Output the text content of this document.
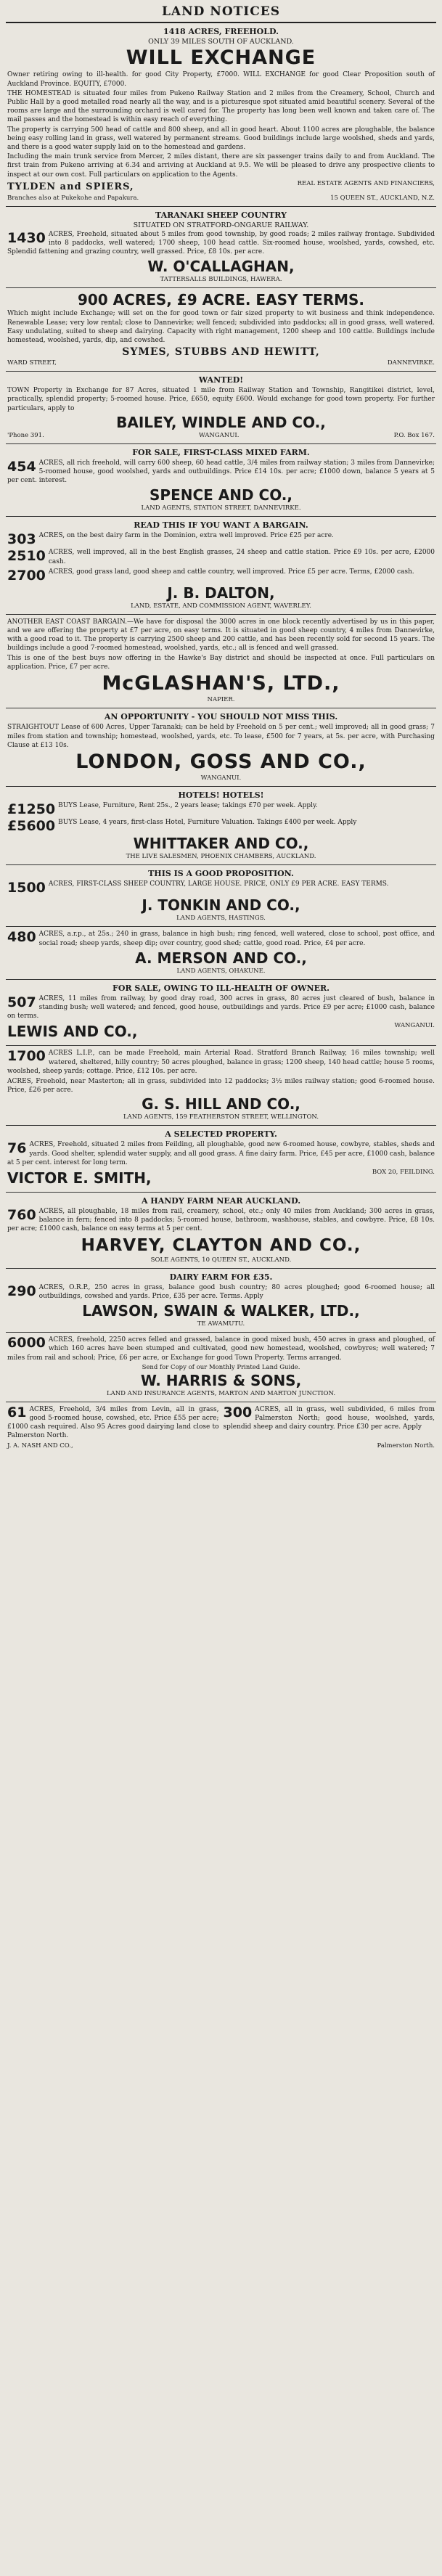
LAND NOTICES
1418 ACRES, FREEHOLD.
ONLY 39 MILES SOUTH OF AUCKLAND.
WILL EXCHANGE

Owner retiring owing to ill-health. for good City Property, £7000. WILL EXCHANGE for good Clear Proposition south of Auckland Province. EQUITY, £7000.

THE HOMESTEAD is situated four miles from Pukeno Railway Station and 2 miles from the Creamery, School, Church and Public Hall by a good metalled road nearly all the way, and is a picturesque spot situated amid beautiful scenery. Several of the rooms are large and the surrounding orchard is well cared for. The property has long been well known and taken care of. The mail passes and the homestead is within easy reach of everything.

The property is carrying 500 head of cattle and 800 sheep, and all in good heart. About 1100 acres are ploughable, the balance being easy rolling land in grass, well watered by permanent streams. Good buildings include large woolshed, sheds and yards, and there is a good water supply laid on to the homestead and gardens.

Including the main trunk service from Mercer, 2 miles distant, there are six passenger trains daily to and from Auckland. The first train from Pukeno arriving at 6.34 and arriving at Auckland at 9.5. We will be pleased to drive any prospective clients to inspect at our own cost. Full particulars on application to the Agents.

TYLDEN and SPIERS,	REAL ESTATE AGENTS AND FINANCIERS,
Branches also at Pukekohe and Papakura.	15 QUEEN ST., AUCKLAND, N.Z.
TARANAKI SHEEP COUNTRY
SITUATED ON STRATFORD-ONGARUE RAILWAY.
1430 ACRES, Freehold, situated about 5 miles from good township, by good roads; 2 miles railway frontage. Subdivided into 8 paddocks, well watered; 1700 sheep, 100 head cattle. Six-roomed house, woolshed, yards, cowshed, etc. Splendid fattening and grazing country, well grassed. Price, £8 10s. per acre.

W. O'CALLAGHAN,
TATTERSALLS BUILDINGS, HAWERA.
900 ACRES, £9 ACRE. EASY TERMS.

Which might include Exchange; will set on the for good town or fair sized property to wit business and think independence. Renewable Lease; very low rental; close to Dannevirke; well fenced; subdivided into paddocks; all in good grass, well watered. Easy undulating, suited to sheep and dairying. Capacity with right management, 1200 sheep and 100 cattle. Buildings include homestead, woolshed, yards, dip, and cowshed.

SYMES, STUBBS AND HEWITT,
WARD STREET,	DANNEVIRKE.
WANTED!

TOWN Property in Exchange for 87 Acres, situated 1 mile from Railway Station and Township, Rangitikei district, level, practically, splendid property; 5-roomed house. Price, £650, equity £600. Would exchange for good town property. For further particulars, apply to

BAILEY, WINDLE AND CO.,
'Phone 391.	WANGANUI.	P.O. Box 167.
FOR SALE, FIRST-CLASS MIXED FARM.
454 ACRES, all rich freehold, will carry 600 sheep, 60 head cattle, 3/4 miles from railway station; 3 miles from Dannevirke; 5-roomed house, good woolshed, yards and outbuildings. Price £14 10s. per acre; £1000 down, balance 5 years at 5 per cent. interest.

SPENCE AND CO.,
LAND AGENTS, STATION STREET, DANNEVIRKE.
READ THIS IF YOU WANT A BARGAIN.
303 ACRES, on the best dairy farm in the Dominion, extra well improved. Price £25 per acre.

2510 ACRES, well improved, all in the best English grasses, 24 sheep and cattle station. Price £9 10s. per acre, £2000 cash.

2700 ACRES, good grass land, good sheep and cattle country, well improved. Price £5 per acre. Terms, £2000 cash.

J. B. DALTON,
LAND, ESTATE, AND COMMISSION AGENT, WAVERLEY.

ANOTHER EAST COAST BARGAIN.—We have for disposal the 3000 acres in one block recently advertised by us in this paper, and we are offering the property at £7 per acre, on easy terms. It is situated in good sheep country, 4 miles from Dannevirke, with a good road to it. The property is carrying 2500 sheep and 200 cattle, and has been recently sold for second 15 years. The buildings include a good 7-roomed homestead, woolshed, yards, etc.; all is fenced and well grassed.

This is one of the best buys now offering in the Hawke's Bay district and should be inspected at once. Full particulars on application. Price, £7 per acre.

McGLASHAN'S, LTD.,
NAPIER.
AN OPPORTUNITY - YOU SHOULD NOT MISS THIS.

STRAIGHTOUT Lease of 600 Acres, Upper Taranaki; can be held by Freehold on 5 per cent.; well improved; all in good grass; 7 miles from station and township; homestead, woolshed, yards, etc. To lease, £500 for 7 years, at 5s. per acre, with Purchasing Clause at £13 10s.

LONDON, GOSS AND CO.,
WANGANUI.
HOTELS! HOTELS!
£1250 BUYS Lease, Furniture, Rent 25s., 2 years lease; takings £70 per week. Apply.

£5600 BUYS Lease, 4 years, first-class Hotel, Furniture Valuation. Takings £400 per week. Apply

WHITTAKER AND CO.,
THE LIVE SALESMEN, PHOENIX CHAMBERS, AUCKLAND.
THIS IS A GOOD PROPOSITION.
1500 ACRES, FIRST-CLASS SHEEP COUNTRY, LARGE HOUSE. PRICE, ONLY £9 PER ACRE. EASY TERMS.

J. TONKIN AND CO.,
LAND AGENTS, HASTINGS.
480 ACRES, a.r.p., at 25s.; 240 in grass, balance in high bush; ring fenced, well watered, close to school, post office, and social road; sheep yards, sheep dip; over country, good shed; cattle, good road. Price, £4 per acre.

A. MERSON AND CO.,
LAND AGENTS, OHAKUNE.
FOR SALE, OWING TO ILL-HEALTH OF OWNER.
507 ACRES, 11 miles from railway, by good dray road, 300 acres in grass, 80 acres just cleared of bush, balance in standing bush; well watered; and fenced, good house, outbuildings and yards. Price £9 per acre; £1000 cash, balance on terms.

LEWIS AND CO.,	WANGANUI.
1700 ACRES L.I.P., can be made Freehold, main Arterial Road. Stratford Branch Railway, 16 miles township; well watered, sheltered, hilly country; 50 acres ploughed, balance in grass; 1200 sheep, 140 head cattle; house 5 rooms, woolshed, sheep yards; cottage. Price, £12 10s. per acre.

ACRES, Freehold, near Masterton; all in grass, subdivided into 12 paddocks; 3½ miles railway station; good 6-roomed house. Price, £26 per acre.

G. S. HILL AND CO.,
LAND AGENTS, 159 FEATHERSTON STREET, WELLINGTON.
A SELECTED PROPERTY.
76 ACRES, Freehold, situated 2 miles from Feilding, all ploughable, good new 6-roomed house, cowbyre, stables, sheds and yards. Good shelter, splendid water supply, and all good grass. A fine dairy farm. Price, £45 per acre, £1000 cash, balance at 5 per cent. interest for long term.

VICTOR E. SMITH,	BOX 20, FEILDING.
A HANDY FARM NEAR AUCKLAND.
760 ACRES, all ploughable, 18 miles from rail, creamery, school, etc.; only 40 miles from Auckland; 300 acres in grass, balance in fern; fenced into 8 paddocks; 5-roomed house, bathroom, washhouse, stables, and cowbyre. Price, £8 10s. per acre; £1000 cash, balance on easy terms at 5 per cent.

HARVEY, CLAYTON AND CO.,
SOLE AGENTS, 10 QUEEN ST., AUCKLAND.
DAIRY FARM FOR £35.
290 ACRES, O.R.P., 250 acres in grass, balance good bush country; 80 acres ploughed; good 6-roomed house; all outbuildings, cowshed and yards. Price, £35 per acre. Terms. Apply

LAWSON, SWAIN & WALKER, LTD.,
TE AWAMUTU.
6000 ACRES, freehold, 2250 acres felled and grassed, balance in good mixed bush, 450 acres in grass and ploughed, of which 160 acres have been stumped and cultivated, good new homestead, woolshed, cowbyres; well watered; 7 miles from rail and school; Price, £6 per acre, or Exchange for good Town Property. Terms arranged.

Send for Copy of our Monthly Printed Land Guide.
W. HARRIS & SONS,
LAND AND INSURANCE AGENTS, MARTON AND MARTON JUNCTION.
61 ACRES, Freehold, 3/4 miles from Levin, all in grass, good 5-roomed house, cowshed, etc. Price £55 per acre; £1000 cash required. Also 95 Acres good dairying land close to Palmerston North.

300 ACRES, all in grass, well subdivided, 6 miles from Palmerston North; good house, woolshed, yards, splendid sheep and dairy country. Price £30 per acre. Apply

J. A. NASH AND CO.,	Palmerston North.
